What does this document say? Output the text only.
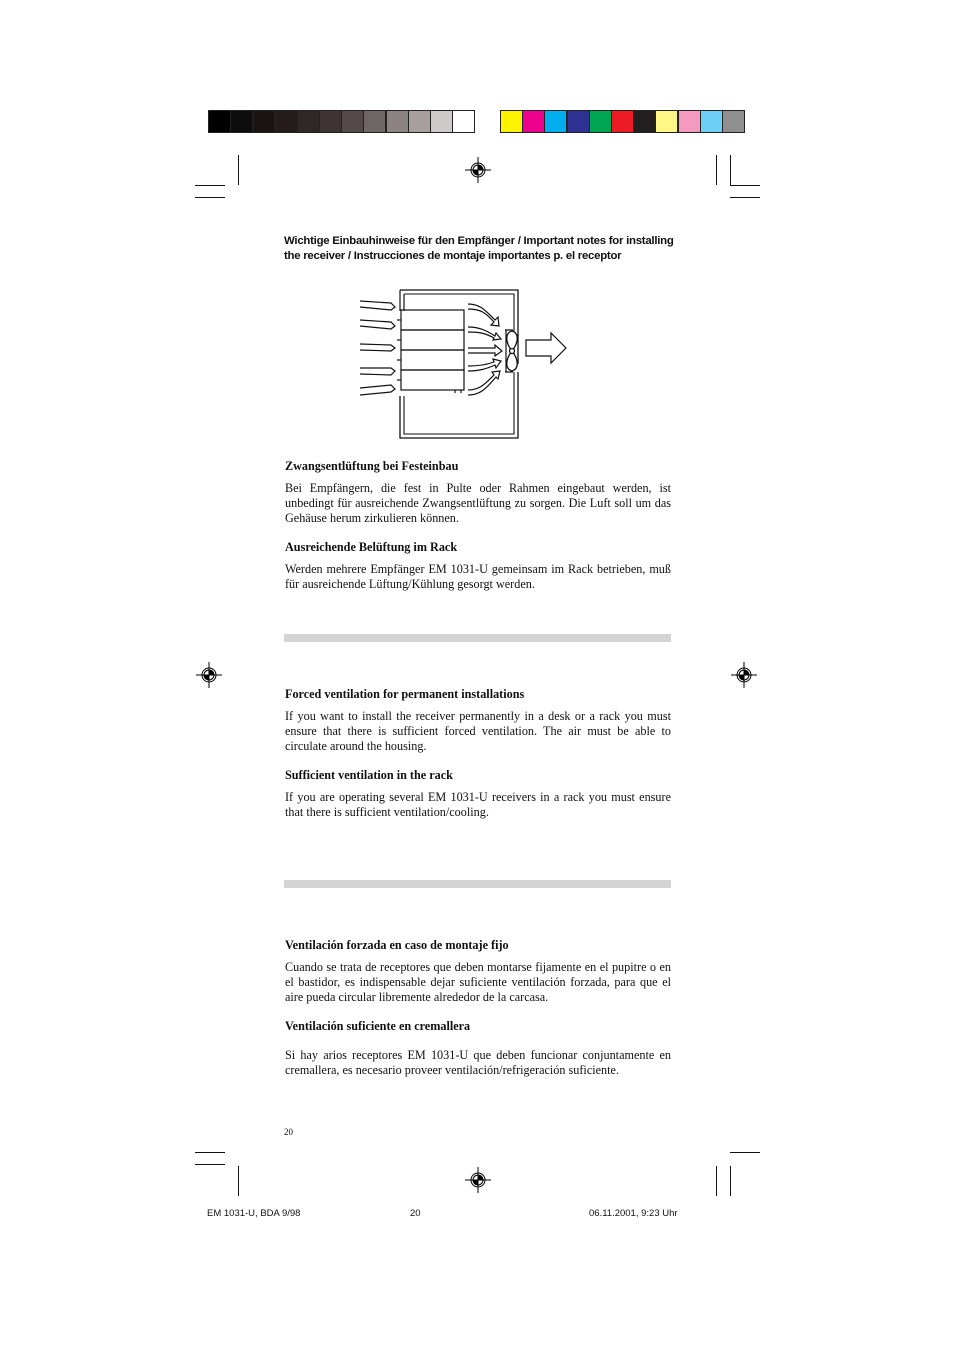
Wichtige Einbauhinweise für den Empfänger / Important notes for installing the receiver / Instrucciones de montaje importantes p. el receptor
Zwangsentlüftung bei Festeinbau
Bei Empfängern, die fest in Pulte oder Rahmen eingebaut werden, ist unbedingt für ausreichende Zwangsentlüftung zu sorgen. Die Luft soll um das Gehäuse herum zirkulieren können.
Ausreichende Belüftung im Rack
Werden mehrere Empfänger EM 1031-U gemeinsam im Rack betrieben, muß für ausreichende Lüftung/Kühlung gesorgt werden.
Forced ventilation for permanent installations
If you want to install the receiver permanently in a desk or a rack you must ensure that there is sufficient forced ventilation. The air must be able to circulate around the housing.
Sufficient ventilation in the rack
If you are operating several EM 1031-U receivers in a rack you must ensure that there is sufficient ventilation/cooling.
Ventilación forzada en caso de montaje fijo
Cuando se trata de receptores que deben montarse fijamente en el pupitre o en el bastidor, es indispensable dejar suficiente ventilación forzada, para que el aire pueda circular libremente alrededor de la carcasa.
Ventilación suficiente en cremallera
Si hay arios receptores EM 1031-U que deben funcionar conjuntamente en cremallera, es necesario proveer ventilación/refrigeración suficiente.
20
EM 1031-U, BDA 9/98	20	06.11.2001, 9:23 Uhr
